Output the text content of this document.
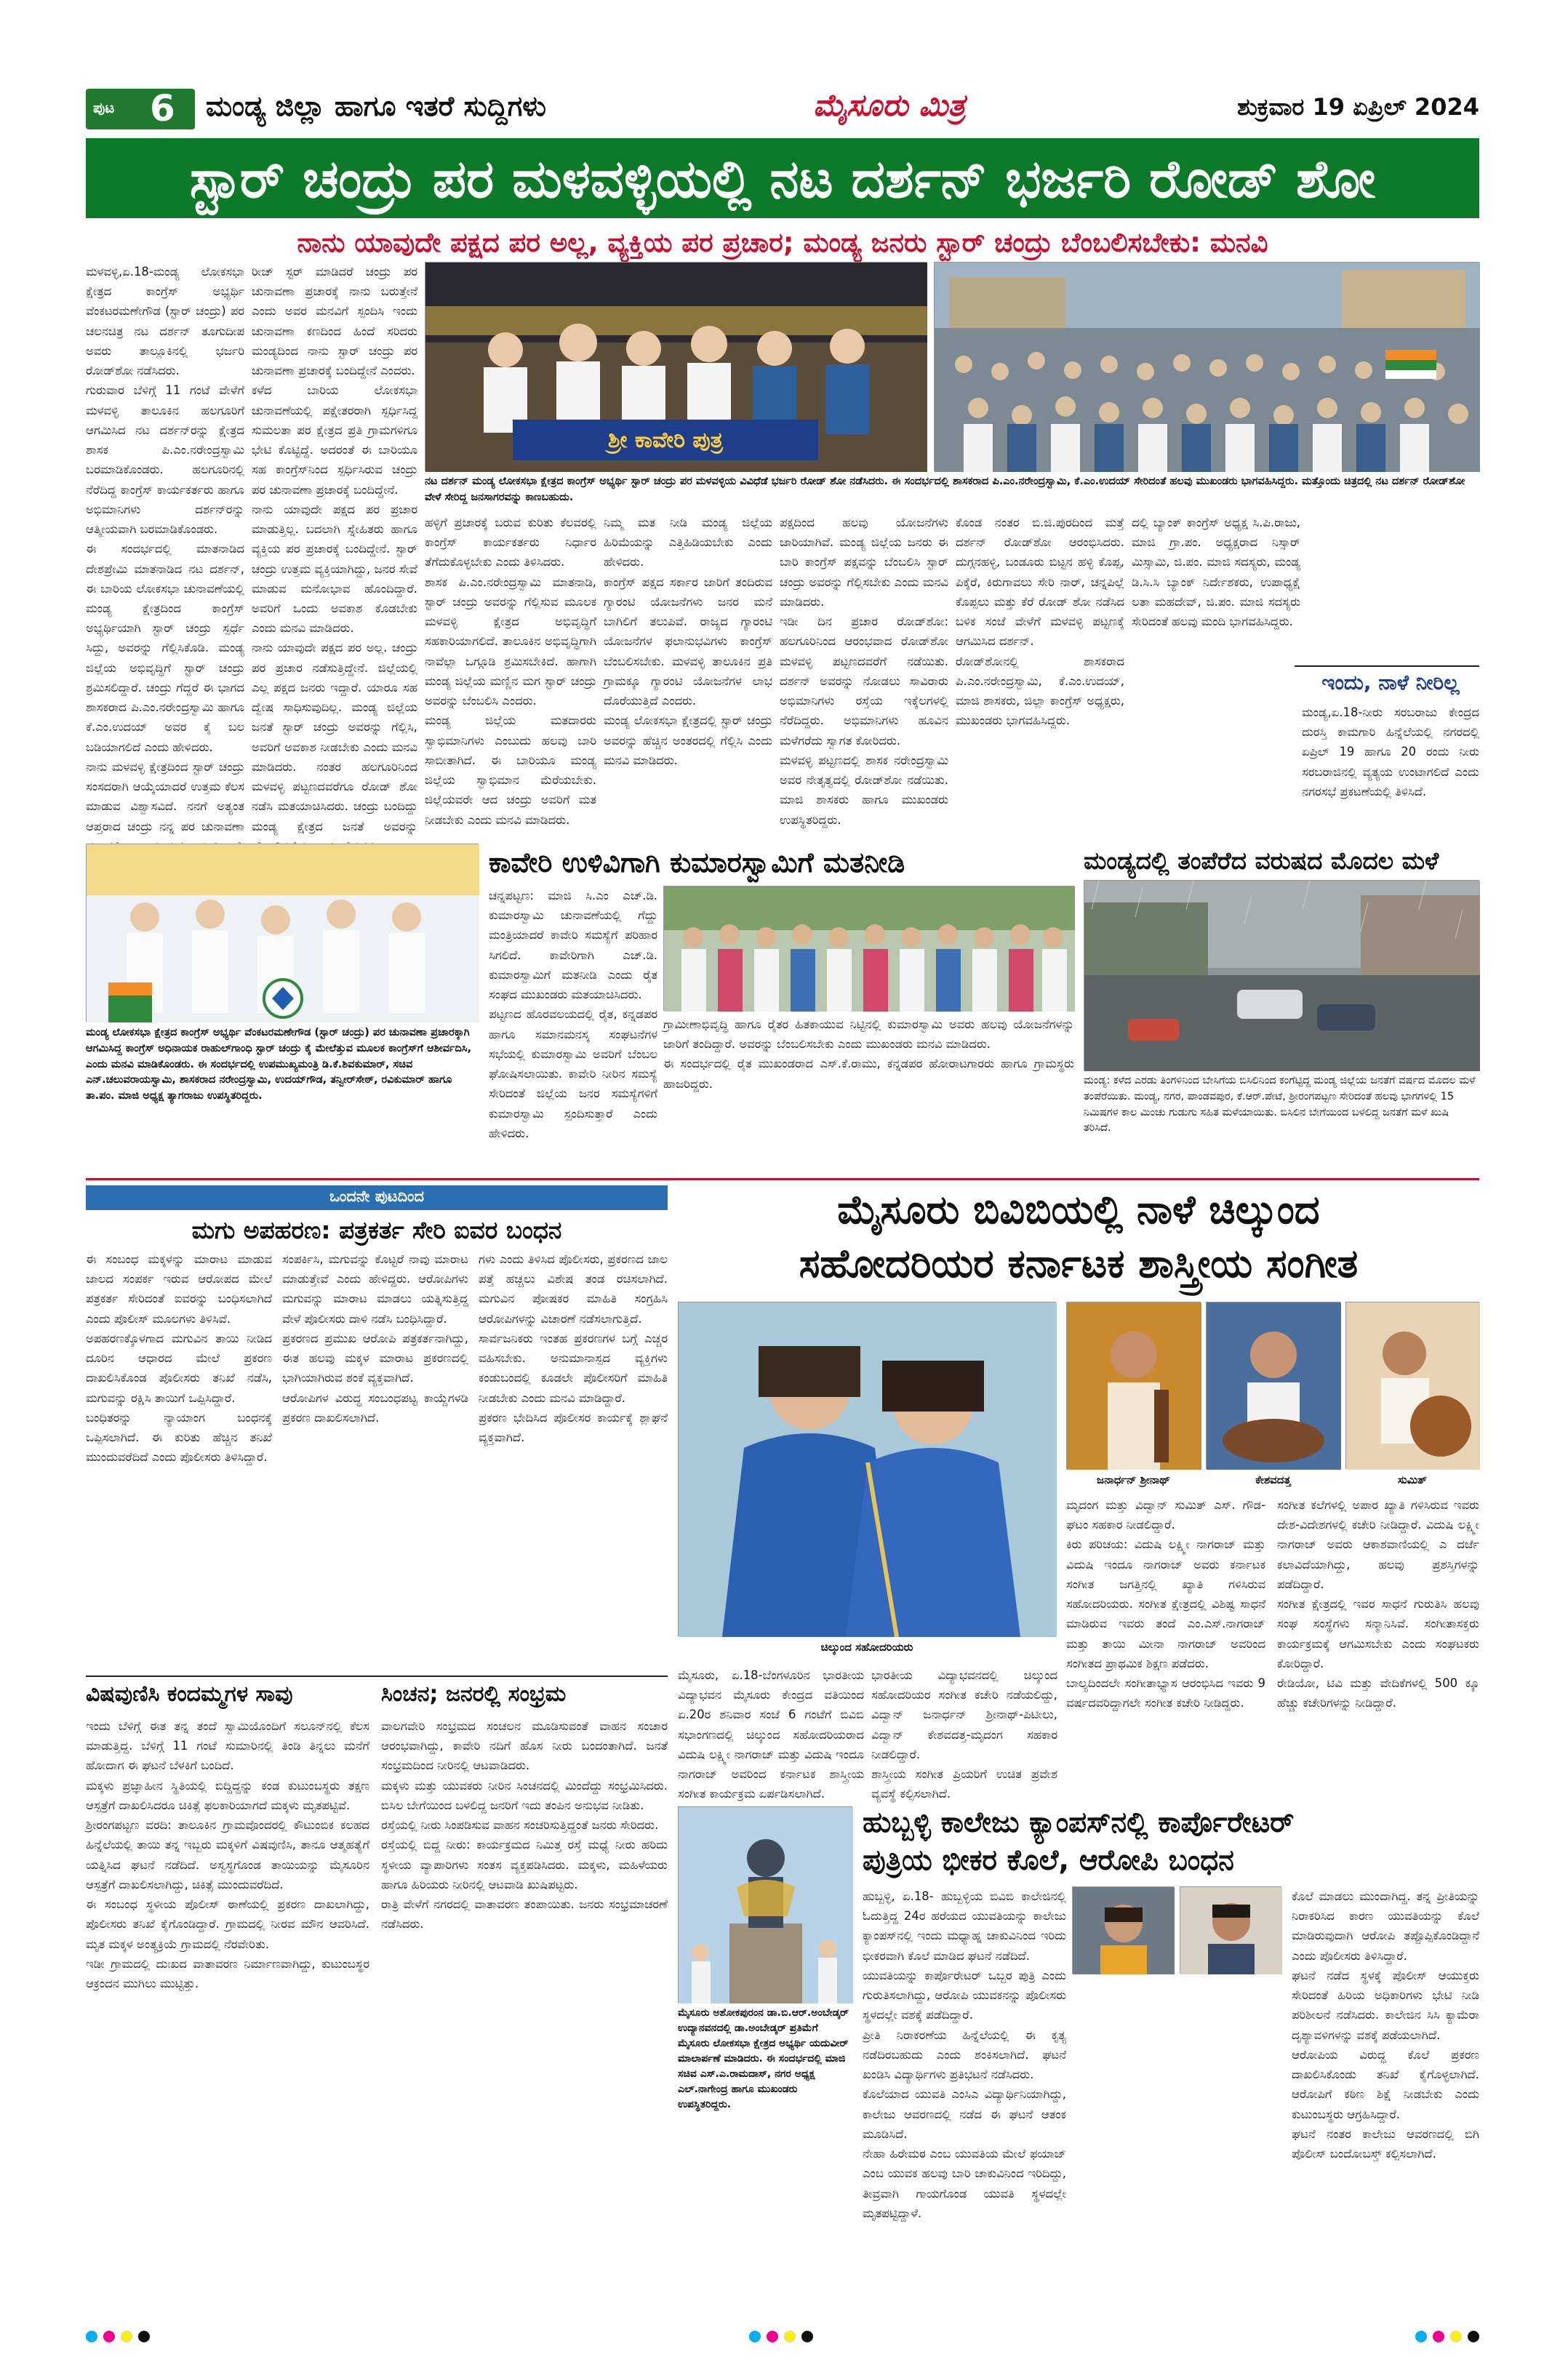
ಪುಟ 6 ಮಂಡ್ಯ ಜಿಲ್ಲಾ ಹಾಗೂ ಇತರೆ ಸುದ್ದಿಗಳು	ಮೈಸೂರು ಮಿತ್ರ	ಶುಕ್ರವಾರ 19 ಏಪ್ರಿಲ್ 2024
ಸ್ಟಾರ್ ಚಂದ್ರು ಪರ ಮಳವಳ್ಳಿಯಲ್ಲಿ ನಟ ದರ್ಶನ್ ಭರ್ಜರಿ ರೋಡ್ ಶೋ
ನಾನು ಯಾವುದೇ ಪಕ್ಷದ ಪರ ಅಲ್ಲ, ವ್ಯಕ್ತಿಯ ಪರ ಪ್ರಚಾರ; ಮಂಡ್ಯ ಜನರು ಸ್ಟಾರ್ ಚಂದ್ರು ಬೆಂಬಲಿಸಬೇಕು: ಮನವಿ
ಮಳವಳ್ಳಿ,ಏ.18-ಮಂಡ್ಯ ಲೋಕಸಭಾ ಕ್ಷೇತ್ರದ ಕಾಂಗ್ರೆಸ್ ಅಭ್ಯರ್ಥಿ ವೆಂಕಟರಮಣೇಗೌಡ (ಸ್ಟಾರ್ ಚಂದ್ರು) ಪರ ಚಲನಚಿತ್ರ ನಟ ದರ್ಶನ್ ತೂಗುದೀಪ ಅವರು ತಾಲ್ಲೂಕಿನಲ್ಲಿ ಭರ್ಜರಿ ರೋಡ್‌ಶೋ ನಡೆಸಿದರು.
ಗುರುವಾರ ಬೆಳಿಗ್ಗೆ 11 ಗಂಟೆ ವೇಳೆಗೆ ಮಳವಳ್ಳಿ ತಾಲೂಕಿನ ಹಲಗೂರಿಗೆ ಆಗಮಿಸಿದ ನಟ ದರ್ಶನ್‌ರನ್ನು ಕ್ಷೇತ್ರದ ಶಾಸಕ ಪಿ.ಎಂ.ನರೇಂದ್ರಸ್ವಾಮಿ ಬರಮಾಡಿಕೊಂಡರು. ಹಲಗೂರಿನಲ್ಲಿ ನೆರೆದಿದ್ದ ಕಾಂಗ್ರೆಸ್ ಕಾರ್ಯಕರ್ತರು ಹಾಗೂ ಅಭಿಮಾನಿಗಳು ದರ್ಶನ್‌ರನ್ನು ಆತ್ಮೀಯವಾಗಿ ಬರಮಾಡಿಕೊಂಡರು.
ಈ ಸಂದರ್ಭದಲ್ಲಿ ಮಾತನಾಡಿದ ದೇಶಪ್ರೇಮಿ ಮಾತನಾಡಿದ ನಟ ದರ್ಶನ್, ಈ ಬಾರಿಯ ಲೋಕಸಭಾ ಚುನಾವಣೆಯಲ್ಲಿ ಮಂಡ್ಯ ಕ್ಷೇತ್ರದಿಂದ ಕಾಂಗ್ರೆಸ್ ಅಭ್ಯರ್ಥಿಯಾಗಿ ಸ್ಟಾರ್ ಚಂದ್ರು ಸ್ಪರ್ಧೆ ಸಿದ್ದು, ಅವರನ್ನು ಗೆಲ್ಲಿಸಿಕೊಡಿ. ಮಂಡ್ಯ ಜಿಲ್ಲೆಯ ಅಭಿವೃದ್ಧಿಗೆ ಸ್ಟಾರ್ ಚಂದ್ರು ಶ್ರಮಿಸಲಿದ್ದಾರೆ. ಚಂದ್ರು ಗೆದ್ದರೆ ಈ ಭಾಗದ ಶಾಸಕರಾದ ಪಿ.ಎಂ.ನರೇಂದ್ರಸ್ವಾಮಿ ಹಾಗೂ ಕೆ.ಎಂ.ಉದಯ್ ಅವರ ಕೈ ಬಲ ಬಡಿಯಾಗಲಿದೆ ಎಂದು ಹೇಳಿದರು.
ನಾನು ಮಳವಳ್ಳಿ ಕ್ಷೇತ್ರದಿಂದ ಸ್ಟಾರ್ ಚಂದ್ರು ಸಂಸದರಾಗಿ ಆಯ್ಕೆಯಾದರೆ ಉತ್ತಮ ಕೆಲಸ ಮಾಡುವ ವಿಶ್ವಾಸವಿದೆ. ನನಗೆ ಅತ್ಯಂತ ಆಪ್ತರಾದ ಚಂದ್ರು ನನ್ನ ಪರ ಚುನಾವಣಾ
ರೀಚ್ ಸ್ಟರ್ ಮಾಡಿದರೆ ಚಂದ್ರು ಪರ ಚುನಾವಣಾ ಪ್ರಚಾರಕ್ಕೆ ನಾನು ಬರುತ್ತೇನೆ ಎಂದು ಅವರ ಮನವಿಗೆ ಸ್ಪಂದಿಸಿ ಇಂದು ಚುನಾವಣಾ ಕಣದಿಂದ ಹಿಂದೆ ಸರಿದರು ಮಂಡ್ಯದಿಂದ ನಾನು ಸ್ಟಾರ್ ಚಂದ್ರು ಪರ ಚುನಾವಣಾ ಪ್ರಚಾರಕ್ಕೆ ಬಂದಿದ್ದೇನೆ ಎಂದರು.
ಕಳೆದ ಬಾರಿಯ ಲೋಕಸಭಾ ಚುನಾವಣೆಯಲ್ಲಿ ಪಕ್ಷೇತರರಾಗಿ ಸ್ಪರ್ಧಿಸಿದ್ದ ಸುಮಲತಾ ಪರ ಕ್ಷೇತ್ರದ ಪ್ರತಿ ಗ್ರಾಮಗಳಿಗೂ ಭೇಟಿ ಕೊಟ್ಟಿದ್ದೆ. ಅದರಂತೆ ಈ ಬಾರಿಯೂ ಸಹ ಕಾಂಗ್ರೆಸ್‌ನಿಂದ ಸ್ಪರ್ಧಿಸಿರುವ ಚಂದ್ರು ಪರ ಚುನಾವಣಾ ಪ್ರಚಾರಕ್ಕೆ ಬಂದಿದ್ದೇನೆ.
ನಾನು ಯಾವುದೇ ಪಕ್ಷದ ಪರ ಪ್ರಚಾರ ಮಾಡುತ್ತಿಲ್ಲ. ಬದಲಾಗಿ ಸ್ನೇಹಿತರು ಹಾಗೂ ವ್ಯಕ್ತಿಯ ಪರ ಪ್ರಚಾರಕ್ಕೆ ಬಂದಿದ್ದೇನೆ. ಸ್ಟಾರ್ ಚಂದ್ರು ಉತ್ತಮ ವ್ಯಕ್ತಿಯಾಗಿದ್ದು, ಜನರ ಸೇವೆ ಮಾಡುವ ಮನೋಭಾವ ಹೊಂದಿದ್ದಾರೆ. ಅವರಿಗೆ ಒಂದು ಅವಕಾಶ ಕೊಡಬೇಕು ಎಂದು ಮನವಿ ಮಾಡಿದರು.
ನಾನು ಯಾವುದೇ ಪಕ್ಷದ ಪರ ಅಲ್ಲ. ಚಂದ್ರು ಪರ ಪ್ರಚಾರ ನಡೆಸುತ್ತಿದ್ದೇನೆ. ಜಿಲ್ಲೆಯಲ್ಲಿ ಎಲ್ಲ ಪಕ್ಷದ ಜನರು ಇದ್ದಾರೆ. ಯಾರೂ ಸಹ ದ್ವೇಷ ಸಾಧಿಸುವುದಿಲ್ಲ. ಮಂಡ್ಯ ಜಿಲ್ಲೆಯ ಜನತೆ ಸ್ಟಾರ್ ಚಂದ್ರು ಅವರನ್ನು ಗೆಲ್ಲಿಸಿ, ಅವರಿಗೆ ಅವಕಾಶ ನೀಡಬೇಕು ಎಂದು ಮನವಿ ಮಾಡಿದರು. ನಂತರ ಹಲಗೂರಿನಿಂದ ಮಳವಳ್ಳಿ ಪಟ್ಟಣದವರೆಗೂ ರೋಡ್ ಶೋ ನಡೆಸಿ ಮತಯಾಚಿಸಿದರು. ಚಂದ್ರು ಬಂದಿದ್ದು ಮಂಡ್ಯ ಕ್ಷೇತ್ರದ ಜನತೆ ಅವರನ್ನು
ಶ್ರೀ ಕಾವೇರಿ ಪುತ್ರ
ನಟ ದರ್ಶನ್ ಮಂಡ್ಯ ಲೋಕಸಭಾ ಕ್ಷೇತ್ರದ ಕಾಂಗ್ರೆಸ್ ಅಭ್ಯರ್ಥಿ ಸ್ಟಾರ್ ಚಂದ್ರು ಪರ ಮಳವಳ್ಳಿಯ ವಿವಿಧೆಡೆ ಭರ್ಜರಿ ರೋಡ್ ಶೋ ನಡೆಸಿದರು. ಈ ಸಂದರ್ಭದಲ್ಲಿ ಶಾಸಕರಾದ ಪಿ.ಎಂ.ನರೇಂದ್ರಸ್ವಾಮಿ, ಕೆ.ಎಂ.ಉದಯ್ ಸೇರಿದಂತೆ ಹಲವು ಮುಖಂಡರು ಭಾಗವಹಿಸಿದ್ದರು. ಮತ್ತೊಂದು ಚಿತ್ರದಲ್ಲಿ ನಟ ದರ್ಶನ್ ರೋಡ್‌ಶೋ ವೇಳೆ ಸೇರಿದ್ದ ಜನಸಾಗರವನ್ನು ಕಾಣಬಹುದು.
ಹಳ್ಳಿಗೆ ಪ್ರಚಾರಕ್ಕೆ ಬರುವ ಕುರಿತು ಕೆಲವರಲ್ಲಿ ಕಾಂಗ್ರೆಸ್ ಕಾರ್ಯಕರ್ತರು ನಿರ್ಧಾರ ತೆಗೆದುಕೊಳ್ಳಬೇಕು ಎಂದು ತಿಳಿಸಿದರು.
ಶಾಸಕ ಪಿ.ಎಂ.ನರೇಂದ್ರಸ್ವಾಮಿ ಮಾತನಾಡಿ, ಸ್ಟಾರ್ ಚಂದ್ರು ಅವರನ್ನು ಗೆಲ್ಲಿಸುವ ಮೂಲಕ ಮಳವಳ್ಳಿ ಕ್ಷೇತ್ರದ ಅಭಿವೃದ್ಧಿಗೆ ಸಹಕಾರಿಯಾಗಲಿದೆ. ತಾಲೂಕಿನ ಅಭಿವೃದ್ಧಿಗಾಗಿ ನಾವೆಲ್ಲಾ ಒಗ್ಗೂಡಿ ಶ್ರಮಿಸಬೇಕಿದೆ. ಹಾಗಾಗಿ ಮಂಡ್ಯ ಜಿಲ್ಲೆಯ ಮಣ್ಣಿನ ಮಗ ಸ್ಟಾರ್ ಚಂದ್ರು ಅವರನ್ನು ಬೆಂಬಲಿಸಿ ಎಂದರು.
ಮಂಡ್ಯ ಜಿಲ್ಲೆಯ ಮತದಾರರು ಸ್ವಾಭಿಮಾನಿಗಳು ಎಂಬುದು ಹಲವು ಬಾರಿ ಸಾಬೀತಾಗಿದೆ. ಈ ಬಾರಿಯೂ ಮಂಡ್ಯ ಜಿಲ್ಲೆಯ ಸ್ವಾಭಿಮಾನ ಮೆರೆಯಬೇಕು. ಜಿಲ್ಲೆಯವರೇ ಆದ ಚಂದ್ರು ಅವರಿಗೆ ಮತ ನೀಡಬೇಕು ಎಂದು ಮನವಿ ಮಾಡಿದರು.
ನಿಮ್ಮ ಮತ ನೀಡಿ ಮಂಡ್ಯ ಜಿಲ್ಲೆಯ ಹಿರಿಮೆಯನ್ನು ಎತ್ತಿಹಿಡಿಯಬೇಕು ಎಂದು ಹೇಳಿದರು.
ಕಾಂಗ್ರೆಸ್ ಪಕ್ಷದ ಸರ್ಕಾರ ಜಾರಿಗೆ ತಂದಿರುವ ಗ್ಯಾರಂಟಿ ಯೋಜನೆಗಳು ಜನರ ಮನೆ ಬಾಗಿಲಿಗೆ ತಲುಪಿವೆ. ರಾಜ್ಯದ ಗ್ಯಾರಂಟಿ ಯೋಜನೆಗಳ ಫಲಾನುಭವಿಗಳು ಕಾಂಗ್ರೆಸ್ ಬೆಂಬಲಿಸಬೇಕು. ಮಳವಳ್ಳಿ ತಾಲೂಕಿನ ಪ್ರತಿ ಗ್ರಾಮಕ್ಕೂ ಗ್ಯಾರಂಟಿ ಯೋಜನೆಗಳ ಲಾಭ ದೊರೆಯುತ್ತಿದೆ ಎಂದರು.
ಮಂಡ್ಯ ಲೋಕಸಭಾ ಕ್ಷೇತ್ರದಲ್ಲಿ ಸ್ಟಾರ್ ಚಂದ್ರು ಅವರನ್ನು ಹೆಚ್ಚಿನ ಅಂತರದಲ್ಲಿ ಗೆಲ್ಲಿಸಿ ಎಂದು ಮನವಿ ಮಾಡಿದರು.
ಪಕ್ಷದಿಂದ ಹಲವು ಯೋಜನೆಗಳು ಜಾರಿಯಾಗಿವೆ. ಮಂಡ್ಯ ಜಿಲ್ಲೆಯ ಜನರು ಈ ಬಾರಿ ಕಾಂಗ್ರೆಸ್ ಪಕ್ಷವನ್ನು ಬೆಂಬಲಿಸಿ ಸ್ಟಾರ್ ಚಂದ್ರು ಅವರನ್ನು ಗೆಲ್ಲಿಸಬೇಕು ಎಂದು ಮನವಿ ಮಾಡಿದರು.
ಇಡೀ ದಿನ ಪ್ರಚಾರ ರೋಡ್‌ಶೋ: ಹಲಗೂರಿನಿಂದ ಆರಂಭವಾದ ರೋಡ್‌ಶೋ ಮಳವಳ್ಳಿ ಪಟ್ಟಣದವರೆಗೆ ನಡೆಯಿತು. ದರ್ಶನ್ ಅವರನ್ನು ನೋಡಲು ಸಾವಿರಾರು ಅಭಿಮಾನಿಗಳು ರಸ್ತೆಯ ಇಕ್ಕೆಲಗಳಲ್ಲಿ ನೆರೆದಿದ್ದರು. ಅಭಿಮಾನಿಗಳು ಹೂವಿನ ಮಳೆಗರೆದು ಸ್ವಾಗತ ಕೋರಿದರು.
ಮಳವಳ್ಳಿ ಪಟ್ಟಣದಲ್ಲಿ ಶಾಸಕ ನರೇಂದ್ರಸ್ವಾಮಿ ಅವರ ನೇತೃತ್ವದಲ್ಲಿ ರೋಡ್‌ಶೋ ನಡೆಯಿತು. ಮಾಜಿ ಶಾಸಕರು ಹಾಗೂ ಮುಖಂಡರು ಉಪಸ್ಥಿತರಿದ್ದರು.
ಕೊಂಡ ನಂತರ ಬಿ.ಜಿ.ಪುರದಿಂದ ಮತ್ತೆ ದರ್ಶನ್ ರೋಡ್‌ಶೋ ಆರಂಭಿಸಿದರು. ದುಗ್ಗನಹಳ್ಳಿ, ಬಂಡೂರು ಬಿಟ್ಟನ ಹಳ್ಳಿ ಕೊಪ್ಪ, ಪಿಕ್ಕೆರೆ, ಕಿರುಗಾವಲು ಸೇರಿ ನಾರ್, ಚನ್ನಪಿಲ್ಲೆ ಕೊಪ್ಪಲು ಮತ್ತು ಕೆರೆ ರೋಡ್ ಶೋ ನಡೆಸಿದ ಬಳಿಕ ಸಂಜೆ ವೇಳೆಗೆ ಮಳವಳ್ಳಿ ಪಟ್ಟಣಕ್ಕೆ ಆಗಮಿಸಿದ ದರ್ಶನ್.
ರೋಡ್‌ಶೋನಲ್ಲಿ ಶಾಸಕರಾದ ಪಿ.ಎಂ.ನರೇಂದ್ರಸ್ವಾಮಿ, ಕೆ.ಎಂ.ಉದಯ್, ಮಾಜಿ ಶಾಸಕರು, ಜಿಲ್ಲಾ ಕಾಂಗ್ರೆಸ್ ಅಧ್ಯಕ್ಷರು, ಮುಖಂಡರು ಭಾಗವಹಿಸಿದ್ದರು.
ದಲ್ಲಿ ಬ್ಯಾಂಕ್ ಕಾಂಗ್ರೆಸ್ ಅಧ್ಯಕ್ಷ ಸಿ.ಪಿ.ರಾಜು, ಮಾಜಿ ಗ್ರಾ.ಪಂ. ಅಧ್ಯಕ್ಷರಾದ ನಿಸ್ಸಾರ್ ಮಿಸ್ಸಾಮಿ, ಜಿ.ಪಂ. ಮಾಜಿ ಸದಸ್ಯರು, ಮಂಡ್ಯ ಡಿ.ಸಿ.ಸಿ ಬ್ಯಾಂಕ್ ನಿರ್ದೇಶಕರು, ಉಪಾಧ್ಯಕ್ಷೆ ಲತಾ ಮಹದೇವ್, ಜಿ.ಪಂ. ಮಾಜಿ ಸದಸ್ಯರು ಸೇರಿದಂತೆ ಹಲವು ಮಂದಿ ಭಾಗವಹಿಸಿದ್ದರು.
ಇಂದು, ನಾಳೆ ನೀರಿಲ್ಲ
ಮಂಡ್ಯ,ಏ.18-ನೀರು ಸರಬರಾಜು ಕೇಂದ್ರದ ದುರಸ್ತಿ ಕಾಮಗಾರಿ ಹಿನ್ನೆಲೆಯಲ್ಲಿ ನಗರದಲ್ಲಿ ಏಪ್ರಿಲ್ 19 ಹಾಗೂ 20 ರಂದು ನೀರು ಸರಬರಾಜಿನಲ್ಲಿ ವ್ಯತ್ಯಯ ಉಂಟಾಗಲಿದೆ ಎಂದು ನಗರಸಭೆ ಪ್ರಕಟಣೆಯಲ್ಲಿ ತಿಳಿಸಿದೆ.
ಮಂಡ್ಯ ಲೋಕಸಭಾ ಕ್ಷೇತ್ರದ ಕಾಂಗ್ರೆಸ್ ಅಭ್ಯರ್ಥಿ ವೆಂಕಟರಮಣೇಗೌಡ (ಸ್ಟಾರ್ ಚಂದ್ರು) ಪರ ಚುನಾವಣಾ ಪ್ರಚಾರಕ್ಕಾಗಿ ಆಗಮಿಸಿದ್ದ ಕಾಂಗ್ರೆಸ್ ಅಧಿನಾಯಕ ರಾಹುಲ್‌ಗಾಂಧಿ ಸ್ಟಾರ್ ಚಂದ್ರು ಕೈ ಮೇಲೆತ್ತುವ ಮೂಲಕ ಕಾಂಗ್ರೆಸ್‌ಗೆ ಆಶೀರ್ವದಿಸಿ, ಎಂದು ಮನವಿ ಮಾಡಿಕೊಂಡರು. ಈ ಸಂದರ್ಭದಲ್ಲಿ ಉಪಮುಖ್ಯಮಂತ್ರಿ ಡಿ.ಕೆ.ಶಿವಕುಮಾರ್, ಸಚಿವ ಎನ್.ಚಲುವರಾಯಸ್ವಾಮಿ, ಶಾಸಕರಾದ ನರೇಂದ್ರಸ್ವಾಮಿ, ಉದಯ್‌ಗೌಡ, ತನ್ವೀರ್‌ಸೇಠ್, ರವಿಕುಮಾರ್ ಹಾಗೂ ತಾ.ಪಂ. ಮಾಜಿ ಅಧ್ಯಕ್ಷ ತ್ಯಾಗರಾಜು ಉಪಸ್ಥಿತರಿದ್ದರು.
ಕಾವೇರಿ ಉಳಿವಿಗಾಗಿ ಕುಮಾರಸ್ವಾಮಿಗೆ ಮತನೀಡಿ
ಚನ್ನಪಟ್ಟಣ: ಮಾಜಿ ಸಿ.ಎಂ ಎಚ್.ಡಿ. ಕುಮಾರಸ್ವಾಮಿ ಚುನಾವಣೆಯಲ್ಲಿ ಗೆದ್ದು ಮಂತ್ರಿಯಾದರೆ ಕಾವೇರಿ ಸಮಸ್ಯೆಗೆ ಪರಿಹಾರ ಸಿಗಲಿದೆ. ಕಾವೇರಿಗಾಗಿ ಎಚ್.ಡಿ. ಕುಮಾರಸ್ವಾಮಿಗೆ ಮತನೀಡಿ ಎಂದು ರೈತ ಸಂಘದ ಮುಖಂಡರು ಮತಯಾಚಿಸಿದರು.
ಪಟ್ಟಣದ ಹೊರವಲಯದಲ್ಲಿ ರೈತ, ಕನ್ನಡಪರ ಹಾಗೂ ಸಮಾನಮನಸ್ಕ ಸಂಘಟನೆಗಳ ಸಭೆಯಲ್ಲಿ ಕುಮಾರಸ್ವಾಮಿ ಅವರಿಗೆ ಬೆಂಬಲ ಘೋಷಿಸಲಾಯಿತು. ಕಾವೇರಿ ನೀರಿನ ಸಮಸ್ಯೆ ಸೇರಿದಂತೆ ಜಿಲ್ಲೆಯ ಜನರ ಸಮಸ್ಯೆಗಳಿಗೆ ಕುಮಾರಸ್ವಾಮಿ ಸ್ಪಂದಿಸುತ್ತಾರೆ ಎಂದು ಹೇಳಿದರು.
ಗ್ರಾಮೀಣಾಭಿವೃದ್ಧಿ ಹಾಗೂ ರೈತರ ಹಿತಕಾಯುವ ನಿಟ್ಟಿನಲ್ಲಿ ಕುಮಾರಸ್ವಾಮಿ ಅವರು ಹಲವು ಯೋಜನೆಗಳನ್ನು ಜಾರಿಗೆ ತಂದಿದ್ದಾರೆ. ಅವರನ್ನು ಬೆಂಬಲಿಸಬೇಕು ಎಂದು ಮುಖಂಡರು ಮನವಿ ಮಾಡಿದರು.
ಈ ಸಂದರ್ಭದಲ್ಲಿ ರೈತ ಮುಖಂಡರಾದ ಎಸ್.ಕೆ.ರಾಮು, ಕನ್ನಡಪರ ಹೋರಾಟಗಾರರು ಹಾಗೂ ಗ್ರಾಮಸ್ಥರು ಹಾಜರಿದ್ದರು.
ಮಂಡ್ಯದಲ್ಲಿ ತಂಪೆರೆದ ವರುಷದ ಮೊದಲ ಮಳೆ
ಮಂಡ್ಯ: ಕಳೆದ ಎರಡು ತಿಂಗಳಿನಿಂದ ಬೇಸಿಗೆಯ ಬಿಸಿಲಿನಿಂದ ಕಂಗೆಟ್ಟಿದ್ದ ಮಂಡ್ಯ ಜಿಲ್ಲೆಯ ಜನತೆಗೆ ವರ್ಷದ ಮೊದಲ ಮಳೆ ತಂಪೆರೆಯಿತು. ಮಂಡ್ಯ, ನಗರ, ಪಾಂಡವಪುರ, ಕೆ.ಆರ್.ಪೇಟೆ, ಶ್ರೀರಂಗಪಟ್ಟಣ ಸೇರಿದಂತೆ ಹಲವು ಭಾಗಗಳಲ್ಲಿ 15 ನಿಮಿಷಗಳ ಕಾಲ ಮಿಂಚು ಗುಡುಗು ಸಹಿತ ಮಳೆಯಾಯಿತು. ಬಿಸಿಲಿನ ಬೇಗೆಯಿಂದ ಬಳಲಿದ್ದ ಜನತೆಗೆ ಮಳೆ ಖುಷಿ ತರಿಸಿದೆ.
ಒಂದನೇ ಪುಟದಿಂದ
ಮಗು ಅಪಹರಣ: ಪತ್ರಕರ್ತ ಸೇರಿ ಐವರ ಬಂಧನ
ಈ ಸಂಬಂಧ ಮಕ್ಕಳನ್ನು ಮಾರಾಟ ಮಾಡುವ ಜಾಲದ ಸಂಪರ್ಕ ಇರುವ ಆರೋಪದ ಮೇಲೆ ಪತ್ರಕರ್ತ ಸೇರಿದಂತೆ ಐವರನ್ನು ಬಂಧಿಸಲಾಗಿದೆ ಎಂದು ಪೊಲೀಸ್ ಮೂಲಗಳು ತಿಳಿಸಿವೆ.
ಅಪಹರಣಕ್ಕೊಳಗಾದ ಮಗುವಿನ ತಾಯಿ ನೀಡಿದ ದೂರಿನ ಆಧಾರದ ಮೇಲೆ ಪ್ರಕರಣ ದಾಖಲಿಸಿಕೊಂಡ ಪೊಲೀಸರು ತನಿಖೆ ನಡೆಸಿ, ಮಗುವನ್ನು ರಕ್ಷಿಸಿ ತಾಯಿಗೆ ಒಪ್ಪಿಸಿದ್ದಾರೆ.
ಬಂಧಿತರನ್ನು ನ್ಯಾಯಾಂಗ ಬಂಧನಕ್ಕೆ ಒಪ್ಪಿಸಲಾಗಿದೆ. ಈ ಕುರಿತು ಹೆಚ್ಚಿನ ತನಿಖೆ ಮುಂದುವರೆದಿದೆ ಎಂದು ಪೊಲೀಸರು ತಿಳಿಸಿದ್ದಾರೆ.
ಸಂಪರ್ಕಿಸಿ, ಮಗುವನ್ನು ಕೊಟ್ಟರೆ ನಾವು ಮಾರಾಟ ಮಾಡುತ್ತೇವೆ ಎಂದು ಹೇಳಿದ್ದರು. ಆರೋಪಿಗಳು ಮಗುವನ್ನು ಮಾರಾಟ ಮಾಡಲು ಯತ್ನಿಸುತ್ತಿದ್ದ ವೇಳೆ ಪೊಲೀಸರು ದಾಳಿ ನಡೆಸಿ ಬಂಧಿಸಿದ್ದಾರೆ.
ಪ್ರಕರಣದ ಪ್ರಮುಖ ಆರೋಪಿ ಪತ್ರಕರ್ತನಾಗಿದ್ದು, ಈತ ಹಲವು ಮಕ್ಕಳ ಮಾರಾಟ ಪ್ರಕರಣದಲ್ಲಿ ಭಾಗಿಯಾಗಿರುವ ಶಂಕೆ ವ್ಯಕ್ತವಾಗಿದೆ.
ಆರೋಪಿಗಳ ವಿರುದ್ಧ ಸಂಬಂಧಪಟ್ಟ ಕಾಯ್ದೆಗಳಡಿ ಪ್ರಕರಣ ದಾಖಲಿಸಲಾಗಿದೆ.
ಗಳು ಎಂದು ತಿಳಿಸಿದ ಪೊಲೀಸರು, ಪ್ರಕರಣದ ಜಾಲ ಪತ್ತೆ ಹಚ್ಚಲು ವಿಶೇಷ ತಂಡ ರಚಿಸಲಾಗಿದೆ. ಮಗುವಿನ ಪೋಷಕರ ಮಾಹಿತಿ ಸಂಗ್ರಹಿಸಿ ಆರೋಪಿಗಳನ್ನು ವಿಚಾರಣೆ ನಡೆಸಲಾಗುತ್ತಿದೆ.
ಸಾರ್ವಜನಿಕರು ಇಂತಹ ಪ್ರಕರಣಗಳ ಬಗ್ಗೆ ಎಚ್ಚರ ವಹಿಸಬೇಕು. ಅನುಮಾನಾಸ್ಪದ ವ್ಯಕ್ತಿಗಳು ಕಂಡುಬಂದಲ್ಲಿ ಕೂಡಲೇ ಪೊಲೀಸರಿಗೆ ಮಾಹಿತಿ ನೀಡಬೇಕು ಎಂದು ಮನವಿ ಮಾಡಿದ್ದಾರೆ.
ಪ್ರಕರಣ ಭೇದಿಸಿದ ಪೊಲೀಸರ ಕಾರ್ಯಕ್ಕೆ ಶ್ಲಾಘನೆ ವ್ಯಕ್ತವಾಗಿದೆ.
ಮೈಸೂರು ಬಿವಿಬಿಯಲ್ಲಿ ನಾಳೆ ಚಿಲ್ಕುಂದ
ಸಹೋದರಿಯರ ಕರ್ನಾಟಕ ಶಾಸ್ತ್ರೀಯ ಸಂಗೀತ
ಚಿಲ್ಕುಂದ ಸಹೋದರಿಯರು
ಜನಾರ್ಧನ್ ಶ್ರೀನಾಥ್	ಕೇಶವದತ್ತ	ಸುಮಿತ್
ಮೃದಂಗ ಮತ್ತು ವಿದ್ವಾನ್ ಸುಮಿತ್ ಎಸ್. ಗೌಡ-ಘಟಂ ಸಹಕಾರ ನೀಡಲಿದ್ದಾರೆ.
ಕಿರು ಪರಿಚಯ: ವಿದುಷಿ ಲಕ್ಷ್ಮೀ ನಾಗರಾಜ್ ಮತ್ತು ವಿದುಷಿ ಇಂದೂ ನಾಗರಾಜ್ ಅವರು ಕರ್ನಾಟಕ ಸಂಗೀತ ಜಗತ್ತಿನಲ್ಲಿ ಖ್ಯಾತಿ ಗಳಿಸಿರುವ ಸಹೋದರಿಯರು. ಸಂಗೀತ ಕ್ಷೇತ್ರದಲ್ಲಿ ವಿಶಿಷ್ಟ ಸಾಧನೆ ಮಾಡಿರುವ ಇವರು ತಂದೆ ಎಂ.ಎಸ್.ನಾಗರಾಜ್ ಮತ್ತು ತಾಯಿ ಮೀನಾ ನಾಗರಾಜ್ ಅವರಿಂದ ಸಂಗೀತದ ಪ್ರಾಥಮಿಕ ಶಿಕ್ಷಣ ಪಡೆದರು.
ಬಾಲ್ಯದಿಂದಲೇ ಸಂಗೀತಾಭ್ಯಾಸ ಆರಂಭಿಸಿದ ಇವರು 9 ವರ್ಷದವರಿದ್ದಾಗಲೇ ಸಂಗೀತ ಕಚೇರಿ ನೀಡಿದ್ದರು.
ಸಂಗೀತ ಕಲೆಗಳಲ್ಲಿ ಅಪಾರ ಖ್ಯಾತಿ ಗಳಿಸಿರುವ ಇವರು ದೇಶ-ವಿದೇಶಗಳಲ್ಲಿ ಕಚೇರಿ ನೀಡಿದ್ದಾರೆ. ವಿದುಷಿ ಲಕ್ಷ್ಮೀ ನಾಗರಾಜ್ ಅವರು ಆಕಾಶವಾಣಿಯಲ್ಲಿ ಎ ದರ್ಜೆ ಕಲಾವಿದೆಯಾಗಿದ್ದು, ಹಲವು ಪ್ರಶಸ್ತಿಗಳನ್ನು ಪಡೆದಿದ್ದಾರೆ.
ಸಂಗೀತ ಕ್ಷೇತ್ರದಲ್ಲಿ ಇವರ ಸಾಧನೆ ಗುರುತಿಸಿ ಹಲವು ಸಂಘ ಸಂಸ್ಥೆಗಳು ಸನ್ಮಾನಿಸಿವೆ. ಸಂಗೀತಾಸಕ್ತರು ಕಾರ್ಯಕ್ರಮಕ್ಕೆ ಆಗಮಿಸಬೇಕು ಎಂದು ಸಂಘಟಕರು ಕೋರಿದ್ದಾರೆ.
ರೇಡಿಯೋ, ಟಿವಿ ಮತ್ತು ವೇದಿಕೆಗಳಲ್ಲಿ 500 ಕ್ಕೂ ಹೆಚ್ಚು ಕಚೇರಿಗಳನ್ನು ನೀಡಿದ್ದಾರೆ.
ಮೈಸೂರು, ಏ.18-ಬೆಂಗಳೂರಿನ ಭಾರತೀಯ ವಿದ್ಯಾಭವನ ಮೈಸೂರು ಕೇಂದ್ರದ ವತಿಯಿಂದ ಏ.20ರ ಶನಿವಾರ ಸಂಜೆ 6 ಗಂಟೆಗೆ ಬಿವಿಬಿ ಸಭಾಂಗಣದಲ್ಲಿ ಚಿಲ್ಕುಂದ ಸಹೋದರಿಯರಾದ ವಿದುಷಿ ಲಕ್ಷ್ಮೀ ನಾಗರಾಜ್ ಮತ್ತು ವಿದುಷಿ ಇಂದೂ ನಾಗರಾಜ್ ಅವರಿಂದ ಕರ್ನಾಟಕ ಶಾಸ್ತ್ರೀಯ ಸಂಗೀತ ಕಾರ್ಯಕ್ರಮ ಏರ್ಪಡಿಸಲಾಗಿದೆ.
ಭಾರತೀಯ ವಿದ್ಯಾಭವನದಲ್ಲಿ ಚಿಲ್ಕುಂದ ಸಹೋದರಿಯರ ಸಂಗೀತ ಕಚೇರಿ ನಡೆಯಲಿದ್ದು, ವಿದ್ವಾನ್ ಜನಾರ್ಧನ್ ಶ್ರೀನಾಥ್-ಪಿಟೀಲು, ವಿದ್ವಾನ್ ಕೇಶವದತ್ತ-ಮೃದಂಗ ಸಹಕಾರ ನೀಡಲಿದ್ದಾರೆ.
ಶಾಸ್ತ್ರೀಯ ಸಂಗೀತ ಪ್ರಿಯರಿಗೆ ಉಚಿತ ಪ್ರವೇಶ ವ್ಯವಸ್ಥೆ ಕಲ್ಪಿಸಲಾಗಿದೆ.
ವಿಷವುಣಿಸಿ ಕಂದಮ್ಮಗಳ ಸಾವು
ಇಂದು ಬೆಳಿಗ್ಗೆ ಈತ ತನ್ನ ತಂದೆ ಸ್ವಾಮಿಯೊಂದಿಗೆ ಸಲೂನ್‌ನಲ್ಲಿ ಕೆಲಸ ಮಾಡುತ್ತಿದ್ದ. ಬೆಳಿಗ್ಗೆ 11 ಗಂಟೆ ಸುಮಾರಿನಲ್ಲಿ ತಿಂಡಿ ತಿನ್ನಲು ಮನೆಗೆ ಹೋದಾಗ ಈ ಘಟನೆ ಬೆಳಕಿಗೆ ಬಂದಿದೆ.
ಮಕ್ಕಳು ಪ್ರಜ್ಞಾಹೀನ ಸ್ಥಿತಿಯಲ್ಲಿ ಬಿದ್ದಿದ್ದನ್ನು ಕಂಡ ಕುಟುಂಬಸ್ಥರು ತಕ್ಷಣ ಆಸ್ಪತ್ರೆಗೆ ದಾಖಲಿಸಿದರೂ ಚಿಕಿತ್ಸೆ ಫಲಕಾರಿಯಾಗದೆ ಮಕ್ಕಳು ಮೃತಪಟ್ಟಿವೆ.
ಶ್ರೀರಂಗಪಟ್ಟಣ ವರದಿ: ತಾಲೂಕಿನ ಗ್ರಾಮವೊಂದರಲ್ಲಿ ಕೌಟುಂಬಿಕ ಕಲಹದ ಹಿನ್ನೆಲೆಯಲ್ಲಿ ತಾಯಿ ತನ್ನ ಇಬ್ಬರು ಮಕ್ಕಳಿಗೆ ವಿಷವುಣಿಸಿ, ತಾನೂ ಆತ್ಮಹತ್ಯೆಗೆ ಯತ್ನಿಸಿದ ಘಟನೆ ನಡೆದಿದೆ. ಅಸ್ವಸ್ಥಗೊಂಡ ತಾಯಿಯನ್ನು ಮೈಸೂರಿನ ಆಸ್ಪತ್ರೆಗೆ ದಾಖಲಿಸಲಾಗಿದ್ದು, ಚಿಕಿತ್ಸೆ ಮುಂದುವರೆದಿದೆ.
ಈ ಸಂಬಂಧ ಸ್ಥಳೀಯ ಪೊಲೀಸ್ ಠಾಣೆಯಲ್ಲಿ ಪ್ರಕರಣ ದಾಖಲಾಗಿದ್ದು, ಪೊಲೀಸರು ತನಿಖೆ ಕೈಗೊಂಡಿದ್ದಾರೆ. ಗ್ರಾಮದಲ್ಲಿ ನೀರವ ಮೌನ ಆವರಿಸಿದೆ. ಮೃತ ಮಕ್ಕಳ ಅಂತ್ಯಕ್ರಿಯೆ ಗ್ರಾಮದಲ್ಲಿ ನೆರವೇರಿತು.
ಇಡೀ ಗ್ರಾಮದಲ್ಲಿ ದುಃಖದ ವಾತಾವರಣ ನಿರ್ಮಾಣವಾಗಿದ್ದು, ಕುಟುಂಬಸ್ಥರ ಆಕ್ರಂದನ ಮುಗಿಲು ಮುಟ್ಟಿತ್ತು.
ಸಿಂಚನ; ಜನರಲ್ಲಿ ಸಂಭ್ರಮ
ವಾಲಗವೇರಿ ಸಂಭ್ರಮದ ಸಂಚಲನ ಮೂಡಿಸುವಂತೆ ವಾಹನ ಸಂಚಾರ ಆರಂಭವಾಗಿದ್ದು, ಕಾವೇರಿ ನದಿಗೆ ಹೊಸ ನೀರು ಬಂದಂತಾಗಿದೆ. ಜನತೆ ಸಂಭ್ರಮದಿಂದ ನೀರಿನಲ್ಲಿ ಆಟವಾಡಿದರು.
ಮಕ್ಕಳು ಮತ್ತು ಯುವಕರು ನೀರಿನ ಸಿಂಚನದಲ್ಲಿ ಮಿಂದೆದ್ದು ಸಂಭ್ರಮಿಸಿದರು. ಬಿಸಿಲ ಬೇಗೆಯಿಂದ ಬಳಲಿದ್ದ ಜನರಿಗೆ ಇದು ತಂಪಿನ ಅನುಭವ ನೀಡಿತು.
ರಸ್ತೆಯಲ್ಲಿ ನೀರು ಸಿಂಪಡಿಸುವ ವಾಹನ ಸಂಚರಿಸುತ್ತಿದ್ದಂತೆ ಜನರು ಸೇರಿದರು.
ರಸ್ತೆಯಲ್ಲಿ ಬಿದ್ದ ನೀರು: ಕಾರ್ಯಕ್ರಮದ ನಿಮಿತ್ತ ರಸ್ತೆ ಮಧ್ಯೆ ನೀರು ಹರಿದು ಸ್ಥಳೀಯ ವ್ಯಾಪಾರಿಗಳು ಸಂತಸ ವ್ಯಕ್ತಪಡಿಸಿದರು. ಮಕ್ಕಳು, ಮಹಿಳೆಯರು ಹಾಗೂ ಹಿರಿಯರು ನೀರಿನಲ್ಲಿ ಆಟವಾಡಿ ಖುಷಿಪಟ್ಟರು.
ರಾತ್ರಿ ವೇಳೆಗೆ ನಗರದಲ್ಲಿ ವಾತಾವರಣ ತಂಪಾಯಿತು. ಜನರು ಸಂಭ್ರಮಾಚರಣೆ ನಡೆಸಿದರು.
ಮೈಸೂರು ಅಶೋಕಪುರಂನ ಡಾ.ಬಿ.ಆರ್.ಅಂಬೇಡ್ಕರ್ ಉದ್ಯಾನವನದಲ್ಲಿ ಡಾ.ಅಂಬೇಡ್ಕರ್ ಪ್ರತಿಮೆಗೆ ಮೈಸೂರು ಲೋಕಸಭಾ ಕ್ಷೇತ್ರದ ಅಭ್ಯರ್ಥಿ ಯದುವೀರ್ ಮಾಲಾರ್ಪಣೆ ಮಾಡಿದರು. ಈ ಸಂದರ್ಭದಲ್ಲಿ ಮಾಜಿ ಸಚಿವ ಎಸ್.ಎ.ರಾಮದಾಸ್, ನಗರ ಅಧ್ಯಕ್ಷ ಎಲ್.ನಾಗೇಂದ್ರ ಹಾಗೂ ಮುಖಂಡರು ಉಪಸ್ಥಿತರಿದ್ದರು.
ಹುಬ್ಬಳ್ಳಿ ಕಾಲೇಜು ಕ್ಯಾಂಪಸ್‌ನಲ್ಲಿ ಕಾರ್ಪೊರೇಟರ್
ಪುತ್ರಿಯ ಭೀಕರ ಕೊಲೆ, ಆರೋಪಿ ಬಂಧನ
ಹುಬ್ಬಳ್ಳಿ, ಏ.18- ಹುಬ್ಬಳ್ಳಿಯ ಬಿವಿಬಿ ಕಾಲೇಜಿನಲ್ಲಿ ಓದುತ್ತಿದ್ದ 24ರ ಹರೆಯದ ಯುವತಿಯನ್ನು ಕಾಲೇಜು ಕ್ಯಾಂಪಸ್‌ನಲ್ಲಿ ಇಂದು ಮಧ್ಯಾಹ್ನ ಚಾಕುವಿನಿಂದ ಇರಿದು ಭೀಕರವಾಗಿ ಕೊಲೆ ಮಾಡಿದ ಘಟನೆ ನಡೆದಿದೆ.
ಯುವತಿಯನ್ನು ಕಾರ್ಪೊರೇಟರ್ ಒಬ್ಬರ ಪುತ್ರಿ ಎಂದು ಗುರುತಿಸಲಾಗಿದ್ದು, ಆರೋಪಿ ಯುವಕನನ್ನು ಪೊಲೀಸರು ಸ್ಥಳದಲ್ಲೇ ವಶಕ್ಕೆ ಪಡೆದಿದ್ದಾರೆ.
ಪ್ರೀತಿ ನಿರಾಕರಣೆಯ ಹಿನ್ನೆಲೆಯಲ್ಲಿ ಈ ಕೃತ್ಯ ನಡೆದಿರಬಹುದು ಎಂದು ಶಂಕಿಸಲಾಗಿದೆ. ಘಟನೆ ಖಂಡಿಸಿ ವಿದ್ಯಾರ್ಥಿಗಳು ಪ್ರತಿಭಟನೆ ನಡೆಸಿದರು.
ಕೊಲೆಯಾದ ಯುವತಿ ಎಂಸಿಎ ವಿದ್ಯಾರ್ಥಿನಿಯಾಗಿದ್ದು, ಕಾಲೇಜು ಆವರಣದಲ್ಲಿ ನಡೆದ ಈ ಘಟನೆ ಆತಂಕ ಮೂಡಿಸಿದೆ.
ನೇಹಾ ಹಿರೇಮಠ ಎಂಬ ಯುವತಿಯ ಮೇಲೆ ಫಯಾಜ್ ಎಂಬ ಯುವಕ ಹಲವು ಬಾರಿ ಚಾಕುವಿನಿಂದ ಇರಿದಿದ್ದು, ತೀವ್ರವಾಗಿ ಗಾಯಗೊಂಡ ಯುವತಿ ಸ್ಥಳದಲ್ಲೇ ಮೃತಪಟ್ಟಿದ್ದಾಳೆ.
ಕೊಲೆ ಮಾಡಲು ಮುಂದಾಗಿದ್ದ. ತನ್ನ ಪ್ರೀತಿಯನ್ನು ನಿರಾಕರಿಸಿದ ಕಾರಣ ಯುವತಿಯನ್ನು ಕೊಲೆ ಮಾಡಿರುವುದಾಗಿ ಆರೋಪಿ ತಪ್ಪೊಪ್ಪಿಕೊಂಡಿದ್ದಾನೆ ಎಂದು ಪೊಲೀಸರು ತಿಳಿಸಿದ್ದಾರೆ.
ಘಟನೆ ನಡೆದ ಸ್ಥಳಕ್ಕೆ ಪೊಲೀಸ್ ಆಯುಕ್ತರು ಸೇರಿದಂತೆ ಹಿರಿಯ ಅಧಿಕಾರಿಗಳು ಭೇಟಿ ನೀಡಿ ಪರಿಶೀಲನೆ ನಡೆಸಿದರು. ಕಾಲೇಜಿನ ಸಿಸಿ ಕ್ಯಾಮೆರಾ ದೃಶ್ಯಾವಳಿಗಳನ್ನು ವಶಕ್ಕೆ ಪಡೆಯಲಾಗಿದೆ.
ಆರೋಪಿಯ ವಿರುದ್ಧ ಕೊಲೆ ಪ್ರಕರಣ ದಾಖಲಿಸಿಕೊಂಡು ತನಿಖೆ ಕೈಗೊಳ್ಳಲಾಗಿದೆ. ಆರೋಪಿಗೆ ಕಠಿಣ ಶಿಕ್ಷೆ ನೀಡಬೇಕು ಎಂದು ಕುಟುಂಬಸ್ಥರು ಆಗ್ರಹಿಸಿದ್ದಾರೆ.
ಘಟನೆ ನಂತರ ಕಾಲೇಜು ಆವರಣದಲ್ಲಿ ಬಿಗಿ ಪೊಲೀಸ್ ಬಂದೋಬಸ್ತ್ ಕಲ್ಪಿಸಲಾಗಿದೆ.
